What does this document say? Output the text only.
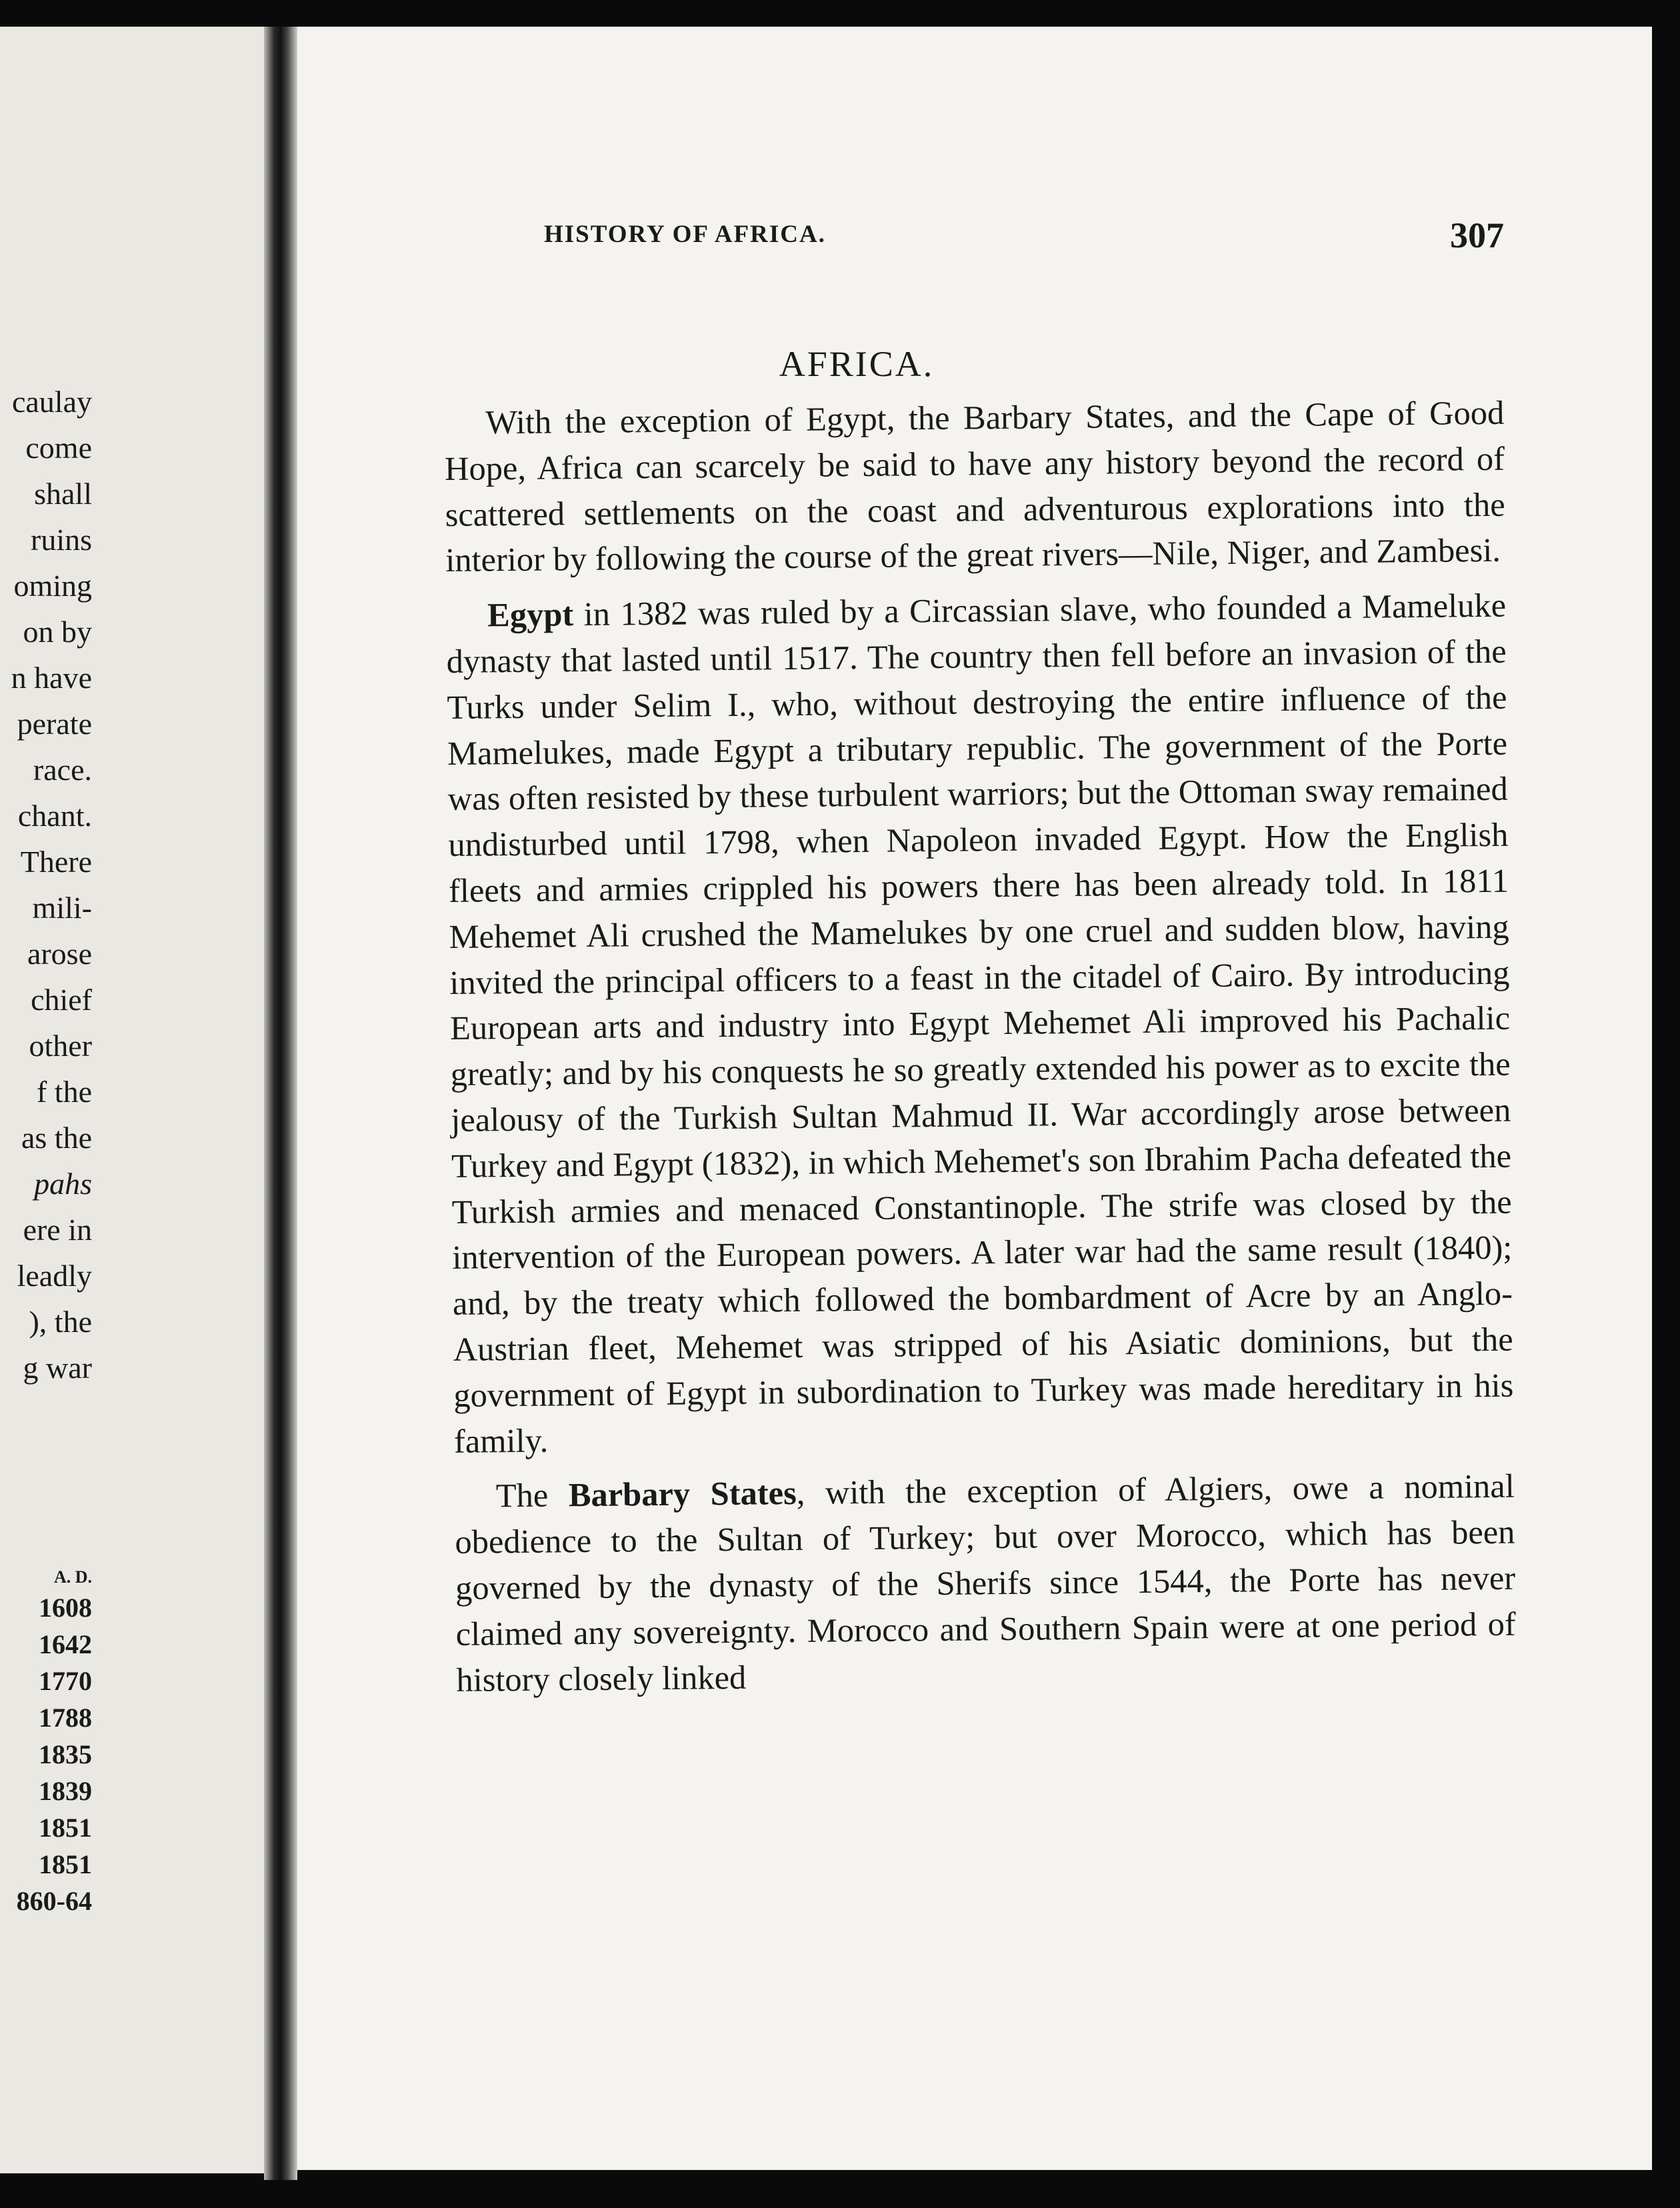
caulay
come
shall
ruins
oming
on by
n have
perate
race.
chant.
There
mili-
arose
chief
other
f the
as the
pahs
ere in
leadly
), the
g war
A. D.
1608
1642
1770
1788
1835
1839
1851
1851
860-64
HISTORY OF AFRICA.	307
AFRICA.

With the exception of Egypt, the Barbary States, and the Cape of Good Hope, Africa can scarcely be said to have any history beyond the record of scattered settlements on the coast and adventurous explorations into the interior by following the course of the great rivers—Nile, Niger, and Zambesi.

Egypt in 1382 was ruled by a Circassian slave, who founded a Mameluke dynasty that lasted until 1517. The country then fell before an invasion of the Turks under Selim I., who, without destroying the entire influence of the Mamelukes, made Egypt a tributary republic. The government of the Porte was often resisted by these turbulent warriors; but the Ottoman sway remained undisturbed until 1798, when Napoleon invaded Egypt. How the English fleets and armies crippled his powers there has been already told. In 1811 Mehemet Ali crushed the Mamelukes by one cruel and sudden blow, having invited the principal officers to a feast in the citadel of Cairo. By introducing European arts and industry into Egypt Mehemet Ali improved his Pachalic greatly; and by his conquests he so greatly extended his power as to excite the jealousy of the Turkish Sultan Mahmud II. War accordingly arose between Turkey and Egypt (1832), in which Mehemet's son Ibrahim Pacha defeated the Turkish armies and menaced Constantinople. The strife was closed by the intervention of the European powers. A later war had the same result (1840); and, by the treaty which followed the bombardment of Acre by an Anglo-Austrian fleet, Mehemet was stripped of his Asiatic dominions, but the government of Egypt in subordination to Turkey was made hereditary in his family.

The Barbary States, with the exception of Algiers, owe a nominal obedience to the Sultan of Turkey; but over Morocco, which has been governed by the dynasty of the Sherifs since 1544, the Porte has never claimed any sovereignty. Morocco and Southern Spain were at one period of history closely linked
